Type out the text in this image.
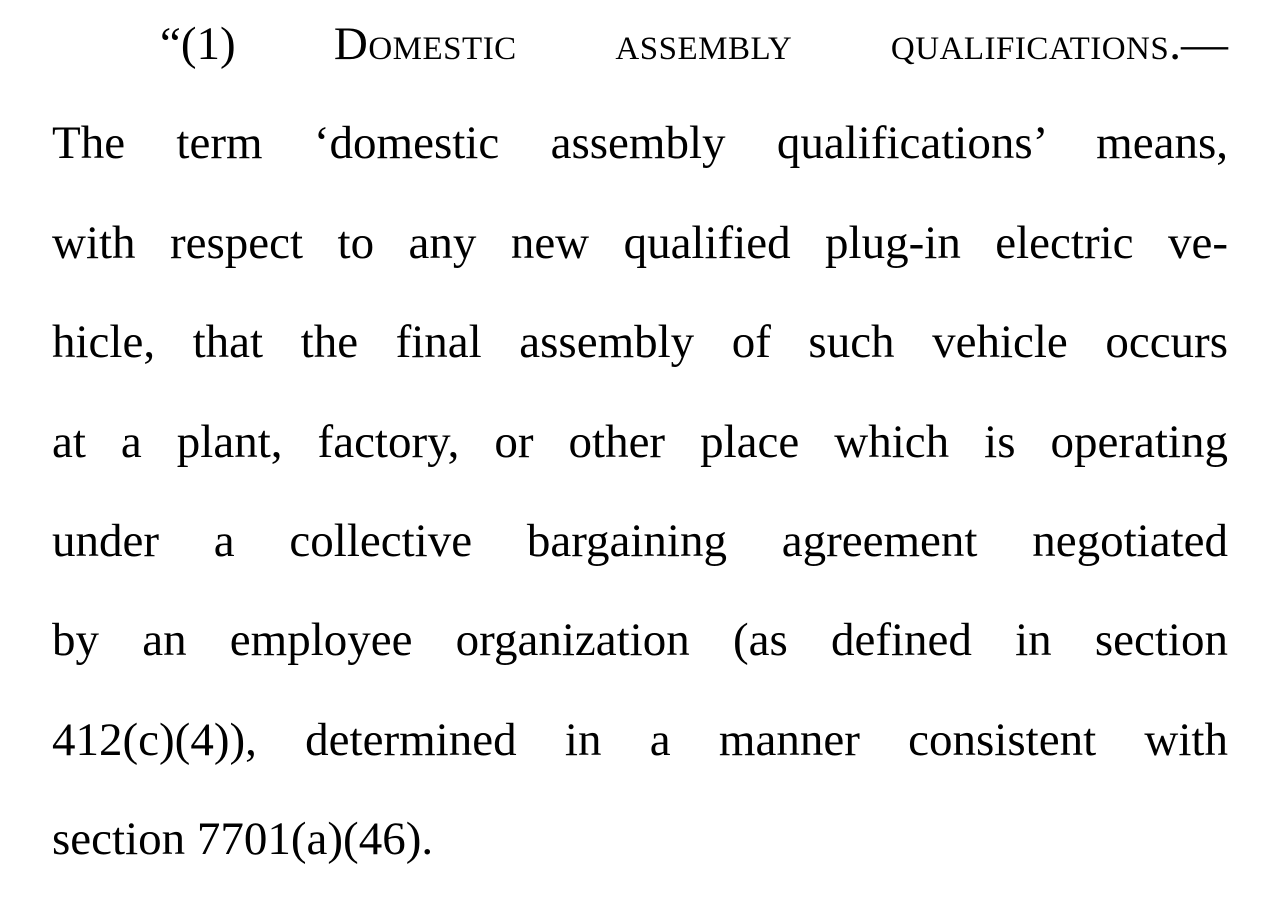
“(1) Domestic assembly qualifications.—
The term ‘domestic assembly qualifications’ means,
with respect to any new qualified plug-in electric ve-
hicle, that the final assembly of such vehicle occurs
at a plant, factory, or other place which is operating
under a collective bargaining agreement negotiated
by an employee organization (as defined in section
412(c)(4)), determined in a manner consistent with
section 7701(a)(46).
